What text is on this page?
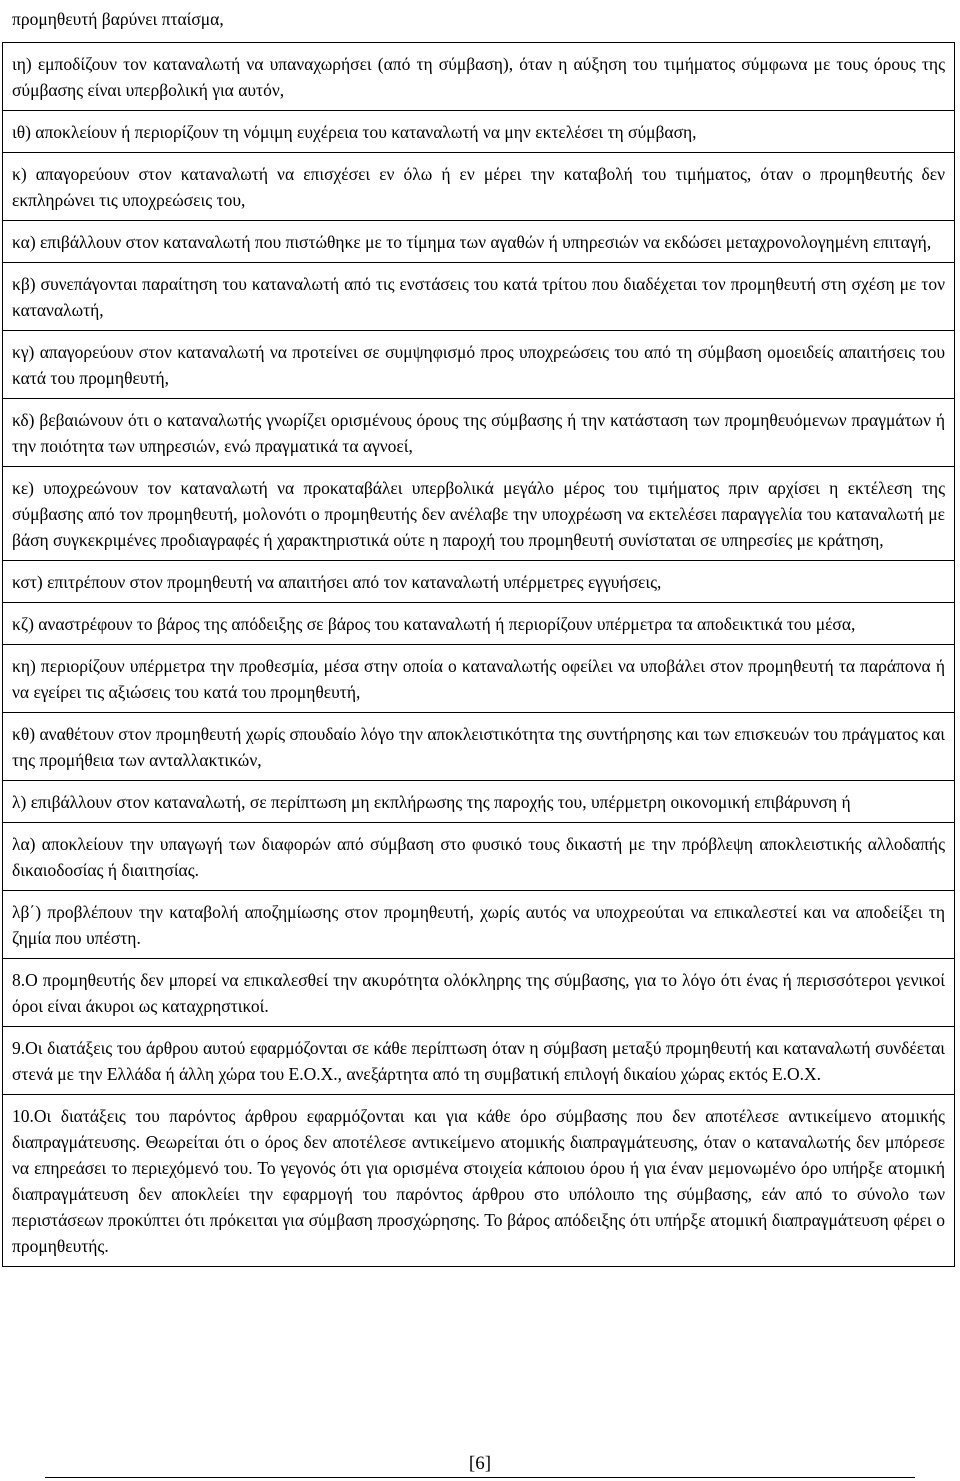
προμηθευτή βαρύνει πταίσμα,
ιη) εμποδίζουν τον καταναλωτή να υπαναχωρήσει (από τη σύμβαση), όταν η αύξηση του τιμήματος σύμφωνα με τους όρους της σύμβασης είναι υπερβολική για αυτόν,
ιθ) αποκλείουν ή περιορίζουν τη νόμιμη ευχέρεια του καταναλωτή να μην εκτελέσει τη σύμβαση,
κ) απαγορεύουν στον καταναλωτή να επισχέσει εν όλω ή εν μέρει την καταβολή του τιμήματος, όταν ο προμηθευτής δεν εκπληρώνει τις υποχρεώσεις του,
κα) επιβάλλουν στον καταναλωτή που πιστώθηκε με το τίμημα των αγαθών ή υπηρεσιών να εκδώσει μεταχρονολογημένη επιταγή,
κβ) συνεπάγονται παραίτηση του καταναλωτή από τις ενστάσεις του κατά τρίτου που διαδέχεται τον προμηθευτή στη σχέση με τον καταναλωτή,
κγ) απαγορεύουν στον καταναλωτή να προτείνει σε συμψηφισμό προς υποχρεώσεις του από τη σύμβαση ομοειδείς απαιτήσεις του κατά του προμηθευτή,
κδ) βεβαιώνουν ότι ο καταναλωτής γνωρίζει ορισμένους όρους της σύμβασης ή την κατάσταση των προμηθευόμενων πραγμάτων ή την ποιότητα των υπηρεσιών, ενώ πραγματικά τα αγνοεί,
κε) υποχρεώνουν τον καταναλωτή να προκαταβάλει υπερβολικά μεγάλο μέρος του τιμήματος πριν αρχίσει η εκτέλεση της σύμβασης από τον προμηθευτή, μολονότι ο προμηθευτής δεν ανέλαβε την υποχρέωση να εκτελέσει παραγγελία του καταναλωτή με βάση συγκεκριμένες προδιαγραφές ή χαρακτηριστικά ούτε η παροχή του προμηθευτή συνίσταται σε υπηρεσίες με κράτηση,
κστ) επιτρέπουν στον προμηθευτή να απαιτήσει από τον καταναλωτή υπέρμετρες εγγυήσεις,
κζ) αναστρέφουν το βάρος της απόδειξης σε βάρος του καταναλωτή ή περιορίζουν υπέρμετρα τα αποδεικτικά του μέσα,
κη) περιορίζουν υπέρμετρα την προθεσμία, μέσα στην οποία ο καταναλωτής οφείλει να υποβάλει στον προμηθευτή τα παράπονα ή να εγείρει τις αξιώσεις του κατά του προμηθευτή,
κθ) αναθέτουν στον προμηθευτή χωρίς σπουδαίο λόγο την αποκλειστικότητα της συντήρησης και των επισκευών του πράγματος και της προμήθεια των ανταλλακτικών,
λ) επιβάλλουν στον καταναλωτή, σε περίπτωση μη εκπλήρωσης της παροχής του, υπέρμετρη οικονομική επιβάρυνση ή
λα) αποκλείουν την υπαγωγή των διαφορών από σύμβαση στο φυσικό τους δικαστή με την πρόβλεψη αποκλειστικής αλλοδαπής δικαιοδοσίας ή διαιτησίας.
λβ΄) προβλέπουν την καταβολή αποζημίωσης στον προμηθευτή, χωρίς αυτός να υποχρεούται να επικαλεστεί και να αποδείξει τη ζημία που υπέστη.
8.Ο προμηθευτής δεν μπορεί να επικαλεσθεί την ακυρότητα ολόκληρης της σύμβασης, για το λόγο ότι ένας ή περισσότεροι γενικοί όροι είναι άκυροι ως καταχρηστικοί.
9.Οι διατάξεις του άρθρου αυτού εφαρμόζονται σε κάθε περίπτωση όταν η σύμβαση μεταξύ προμηθευτή και καταναλωτή συνδέεται στενά με την Ελλάδα ή άλλη χώρα του Ε.Ο.Χ., ανεξάρτητα από τη συμβατική επιλογή δικαίου χώρας εκτός Ε.Ο.Χ.
10.Οι διατάξεις του παρόντος άρθρου εφαρμόζονται και για κάθε όρο σύμβασης που δεν αποτέλεσε αντικείμενο ατομικής διαπραγμάτευσης. Θεωρείται ότι ο όρος δεν αποτέλεσε αντικείμενο ατομικής διαπραγμάτευσης, όταν ο καταναλωτής δεν μπόρεσε να επηρεάσει το περιεχόμενό του. Το γεγονός ότι για ορισμένα στοιχεία κάποιου όρου ή για έναν μεμονωμένο όρο υπήρξε ατομική διαπραγμάτευση δεν αποκλείει την εφαρμογή του παρόντος άρθρου στο υπόλοιπο της σύμβασης, εάν από το σύνολο των περιστάσεων προκύπτει ότι πρόκειται για σύμβαση προσχώρησης. Το βάρος απόδειξης ότι υπήρξε ατομική διαπραγμάτευση φέρει ο προμηθευτής.
[6]
